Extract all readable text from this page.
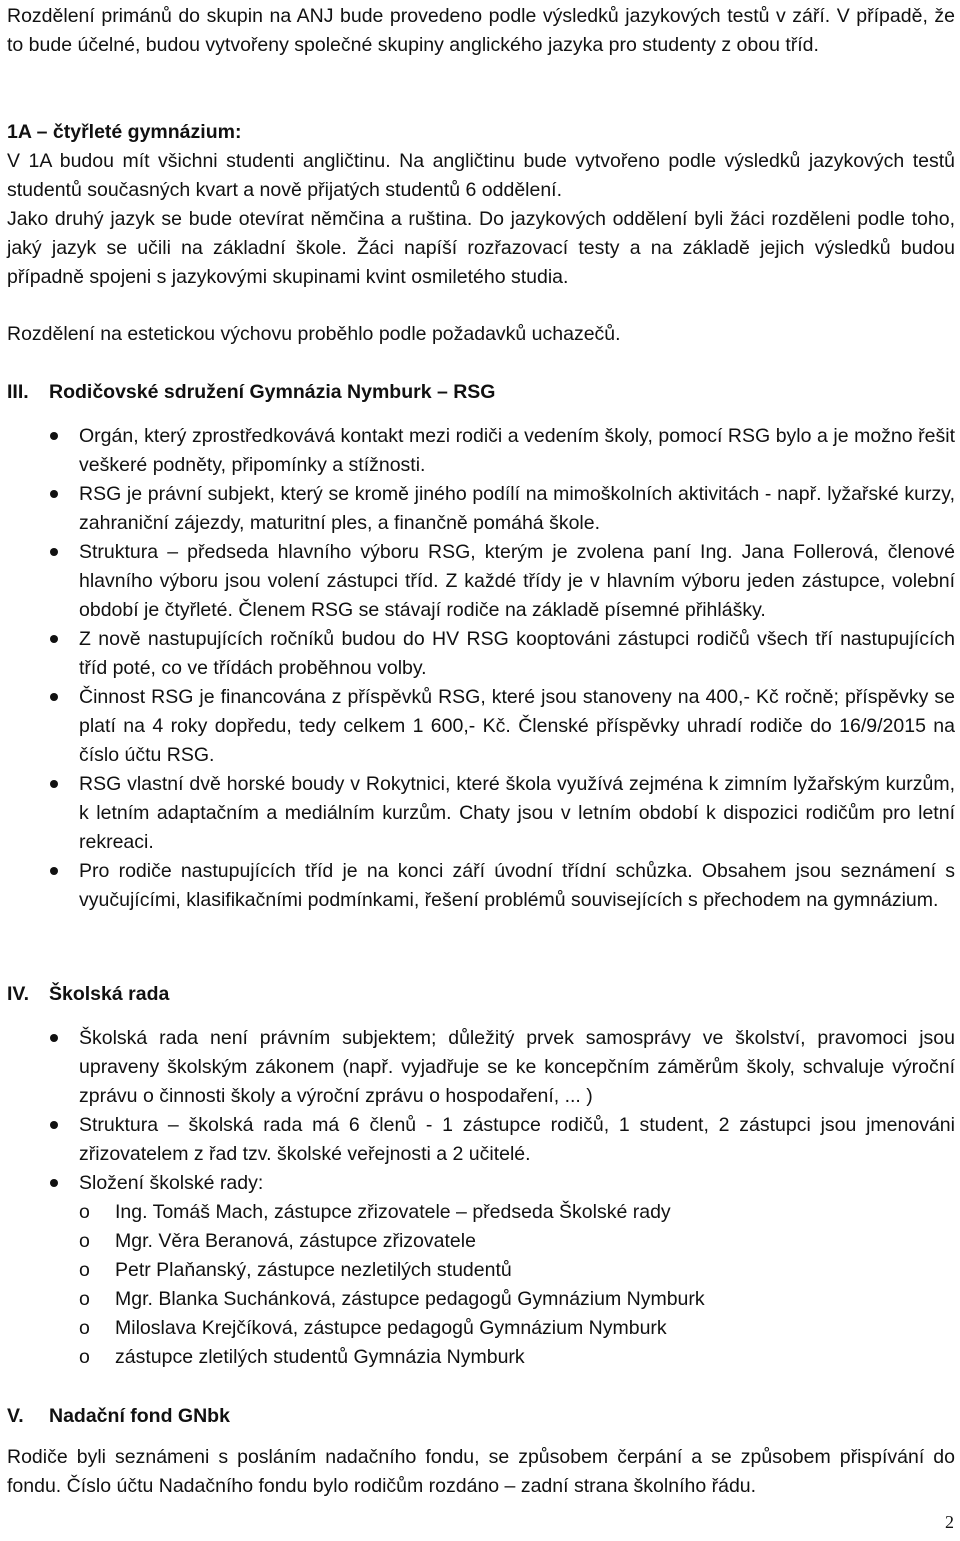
Rozdělení primánů do skupin na ANJ bude provedeno podle výsledků jazykových testů v září. V případě, že to bude účelné, budou vytvořeny společné skupiny anglického jazyka pro studenty z obou tříd.

1A – čtyřleté gymnázium:

V 1A budou mít všichni studenti angličtinu. Na angličtinu bude vytvořeno podle výsledků jazykových testů studentů současných kvart a nově přijatých studentů 6 oddělení.

Jako druhý jazyk se bude otevírat němčina a ruština. Do jazykových oddělení byli žáci rozděleni podle toho, jaký jazyk se učili na základní škole. Žáci napíší rozřazovací testy a na základě jejich výsledků budou případně spojeni s jazykovými skupinami kvint osmiletého studia.

Rozdělení na estetickou výchovu proběhlo podle požadavků uchazečů.

III. Rodičovské sdružení Gymnázia Nymburk – RSG
Orgán, který zprostředkovává kontakt mezi rodiči a vedením školy, pomocí RSG bylo a je možno řešit veškeré podněty, připomínky a stížnosti.
RSG je právní subjekt, který se kromě jiného podílí na mimoškolních aktivitách - např. lyžařské kurzy, zahraniční zájezdy, maturitní ples, a finančně pomáhá škole.
Struktura – předseda hlavního výboru RSG, kterým je zvolena paní Ing. Jana Follerová, členové hlavního výboru jsou volení zástupci tříd. Z každé třídy je v hlavním výboru jeden zástupce, volební období je čtyřleté. Členem RSG se stávají rodiče na základě písemné přihlášky.
Z nově nastupujících ročníků budou do HV RSG kooptováni zástupci rodičů všech tří nastupujících tříd poté, co ve třídách proběhnou volby.
Činnost RSG je financována z příspěvků RSG, které jsou stanoveny na 400,- Kč ročně; příspěvky se platí na 4 roky dopředu, tedy celkem 1 600,- Kč. Členské příspěvky uhradí rodiče do 16/9/2015 na číslo účtu RSG.
RSG vlastní dvě horské boudy v Rokytnici, které škola využívá zejména k zimním lyžařským kurzům, k letním adaptačním a mediálním kurzům. Chaty jsou v letním období k dispozici rodičům pro letní rekreaci.
Pro rodiče nastupujících tříd je na konci září úvodní třídní schůzka. Obsahem jsou seznámení s vyučujícími, klasifikačními podmínkami, řešení problémů souvisejících s přechodem na gymnázium.
IV. Školská rada
Školská rada není právním subjektem; důležitý prvek samosprávy ve školství, pravomoci jsou upraveny školským zákonem (např. vyjadřuje se ke koncepčním záměrům školy, schvaluje výroční zprávu o činnosti školy a výroční zprávu o hospodaření, ... )
Struktura – školská rada má 6 členů - 1 zástupce rodičů, 1 student, 2 zástupci jsou jmenováni zřizovatelem z řad tzv. školské veřejnosti a 2 učitelé.
Složení školské rady:
o Ing. Tomáš Mach, zástupce zřizovatele – předseda Školské rady
o Mgr. Věra Beranová, zástupce zřizovatele
o Petr Plaňanský, zástupce nezletilých studentů
o Mgr. Blanka Suchánková, zástupce pedagogů Gymnázium Nymburk
o Miloslava Krejčíková, zástupce pedagogů Gymnázium Nymburk
o zástupce zletilých studentů Gymnázia Nymburk
V. Nadační fond GNbk

Rodiče byli seznámeni s posláním nadačního fondu, se způsobem čerpání a se způsobem přispívání do fondu. Číslo účtu Nadačního fondu bylo rodičům rozdáno – zadní strana školního řádu.

2
